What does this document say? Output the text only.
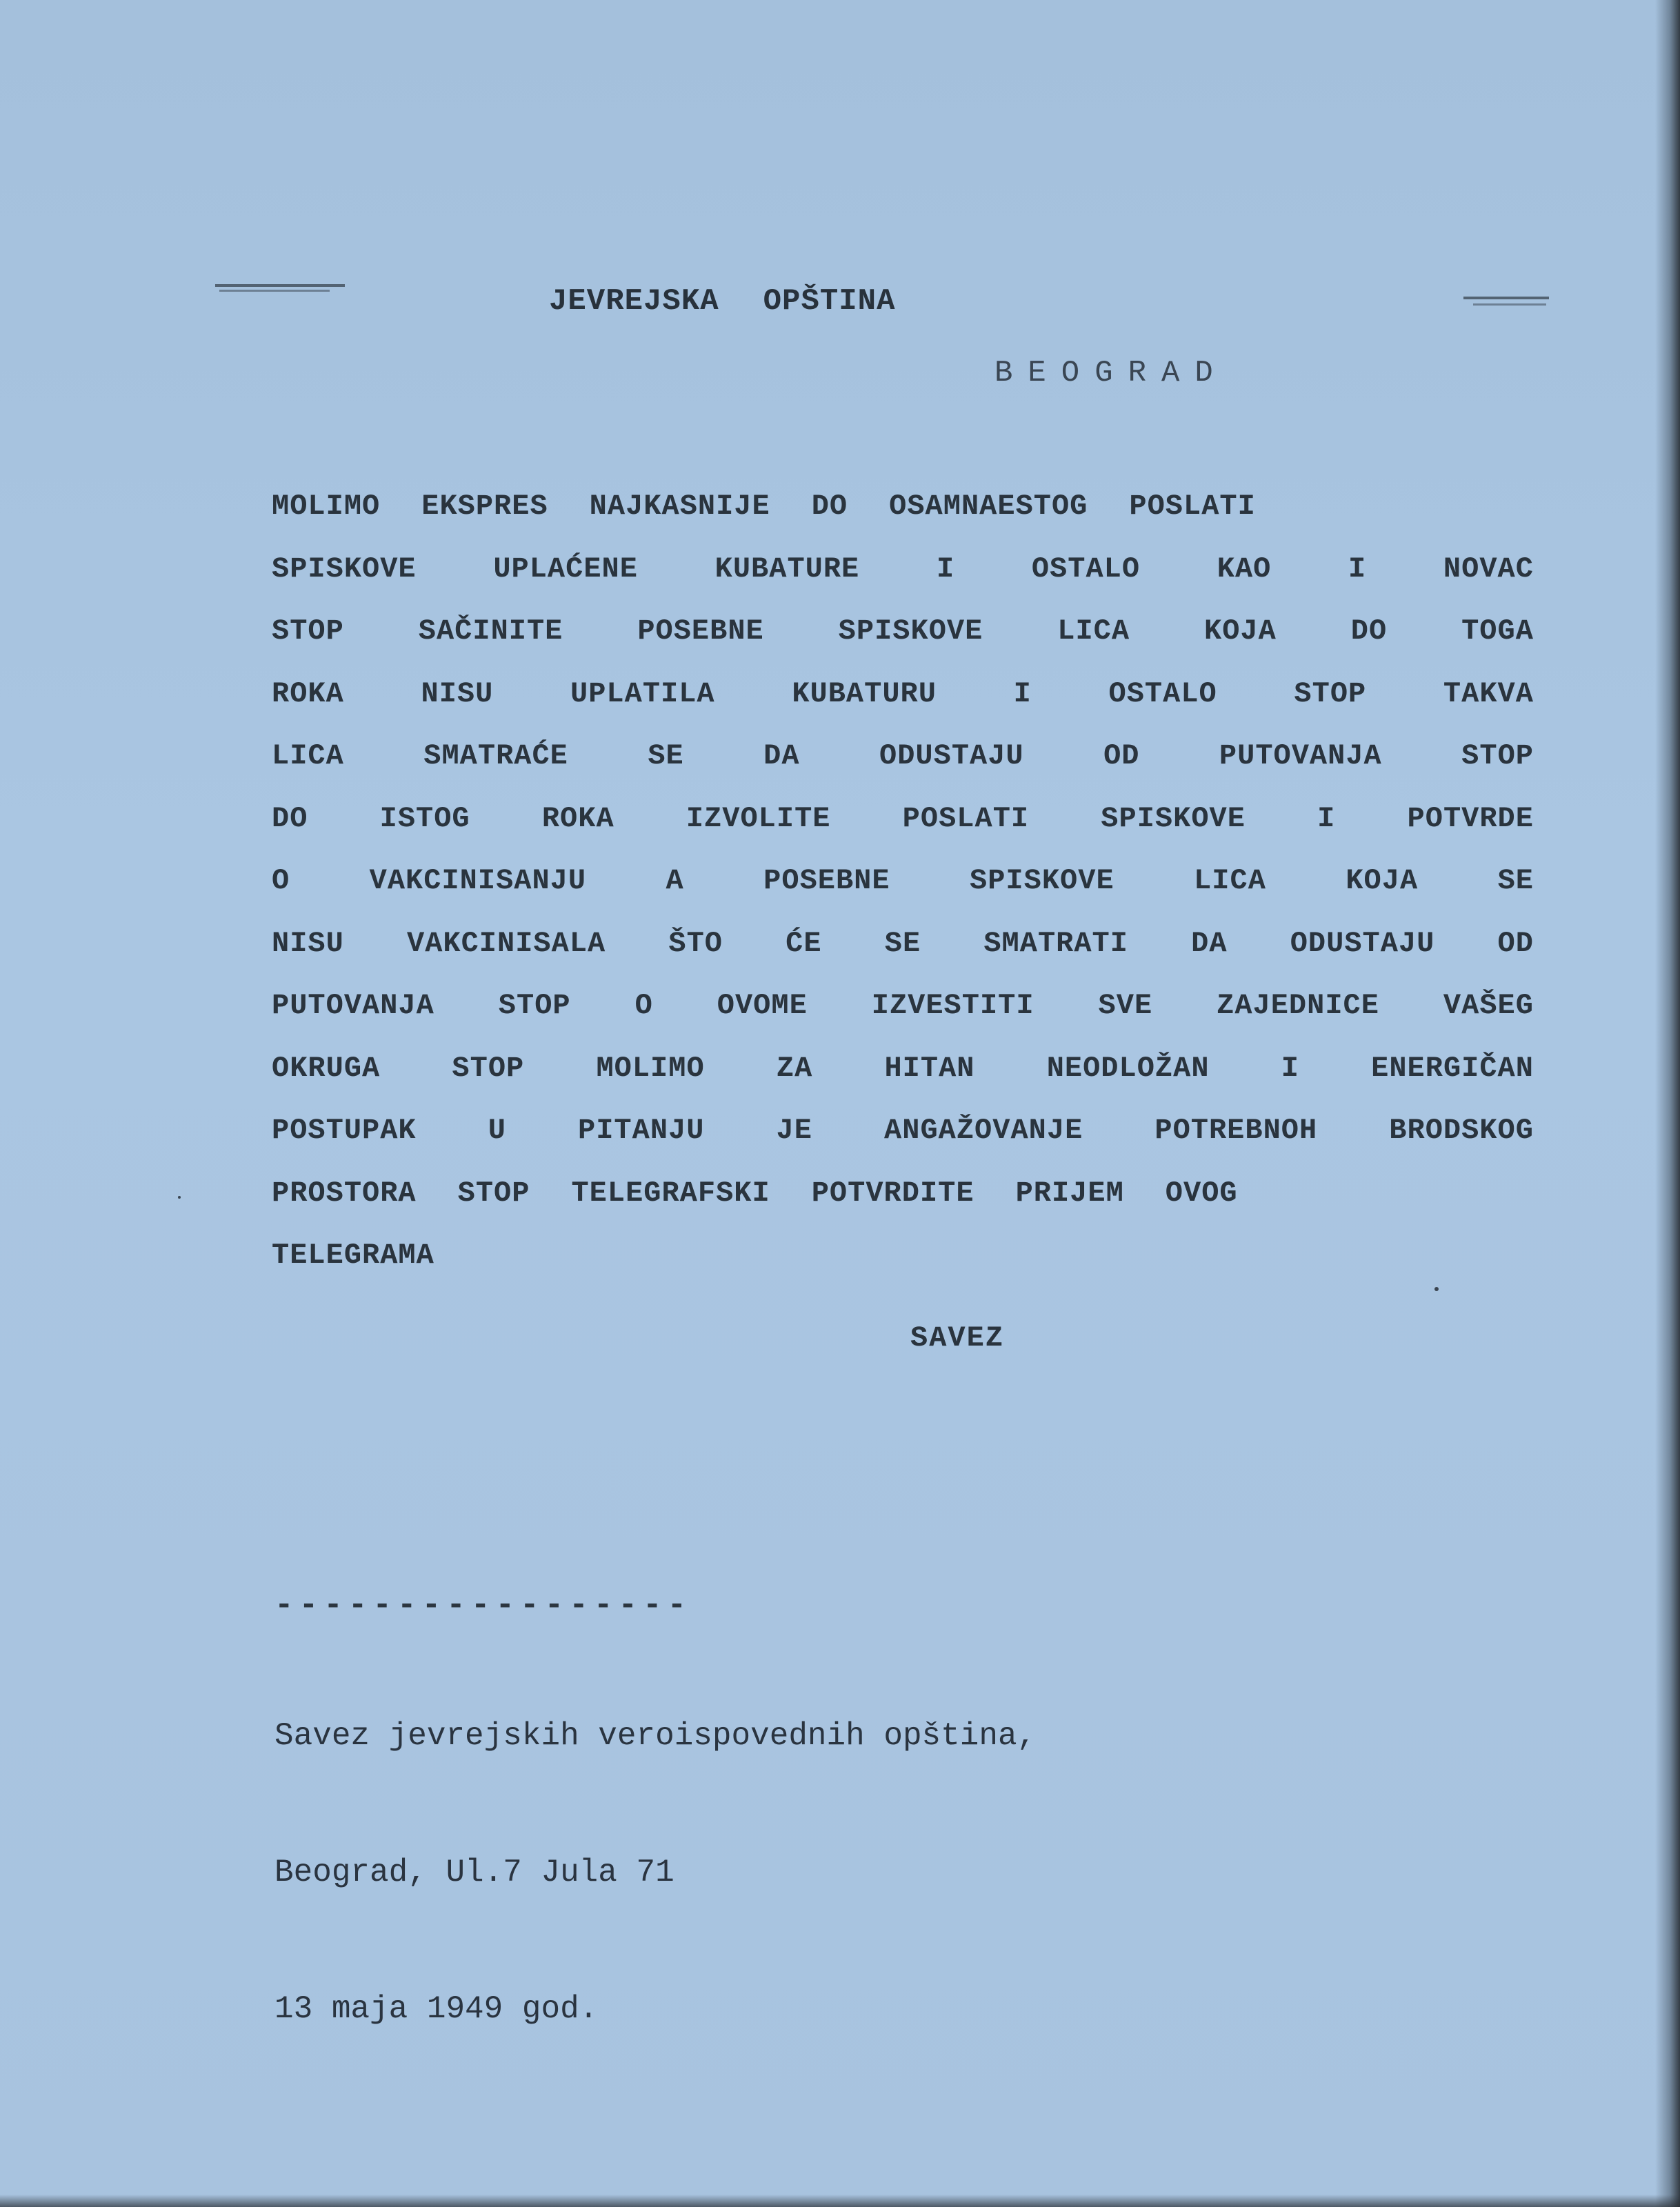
JEVREJSKA OPŠTINA
BEOGRAD
MOLIMO EKSPRES NAJKASNIJE DO OSAMNAESTOG POSLATI
SPISKOVE	UPLAĆENE	KUBATURE	I	OSTALO	KAO	I	NOVAC
STOP	SAČINITE	POSEBNE	SPISKOVE	LICA	KOJA	DO	TOGA
ROKA	NISU	UPLATILA	KUBATURU	I	OSTALO	STOP	TAKVA
LICA	SMATRAĆE	SE	DA	ODUSTAJU	OD	PUTOVANJA	STOP
DO ISTOG ROKA IZVOLITE POSLATI SPISKOVE I POTVRDE
O	VAKCINISANJU	A	POSEBNE	SPISKOVE	LICA	KOJA	SE
NISU VAKCINISALA ŠTO ĆE SE SMATRATI DA ODUSTAJU OD
PUTOVANJA STOP O OVOME IZVESTITI SVE ZAJEDNICE VAŠEG
OKRUGA STOP MOLIMO ZA HITAN NEODLOŽAN I ENERGIČAN
POSTUPAK U PITANJU JE ANGAŽOVANJE POTREBNOH BRODSKOG
PROSTORA STOP TELEGRAFSKI POTVRDITE PRIJEM OVOG
TELEGRAMA
SAVEZ
-----------------

Savez jevrejskih veroispovednih opština,

Beograd, Ul.7 Jula 71

13 maja 1949 god.
